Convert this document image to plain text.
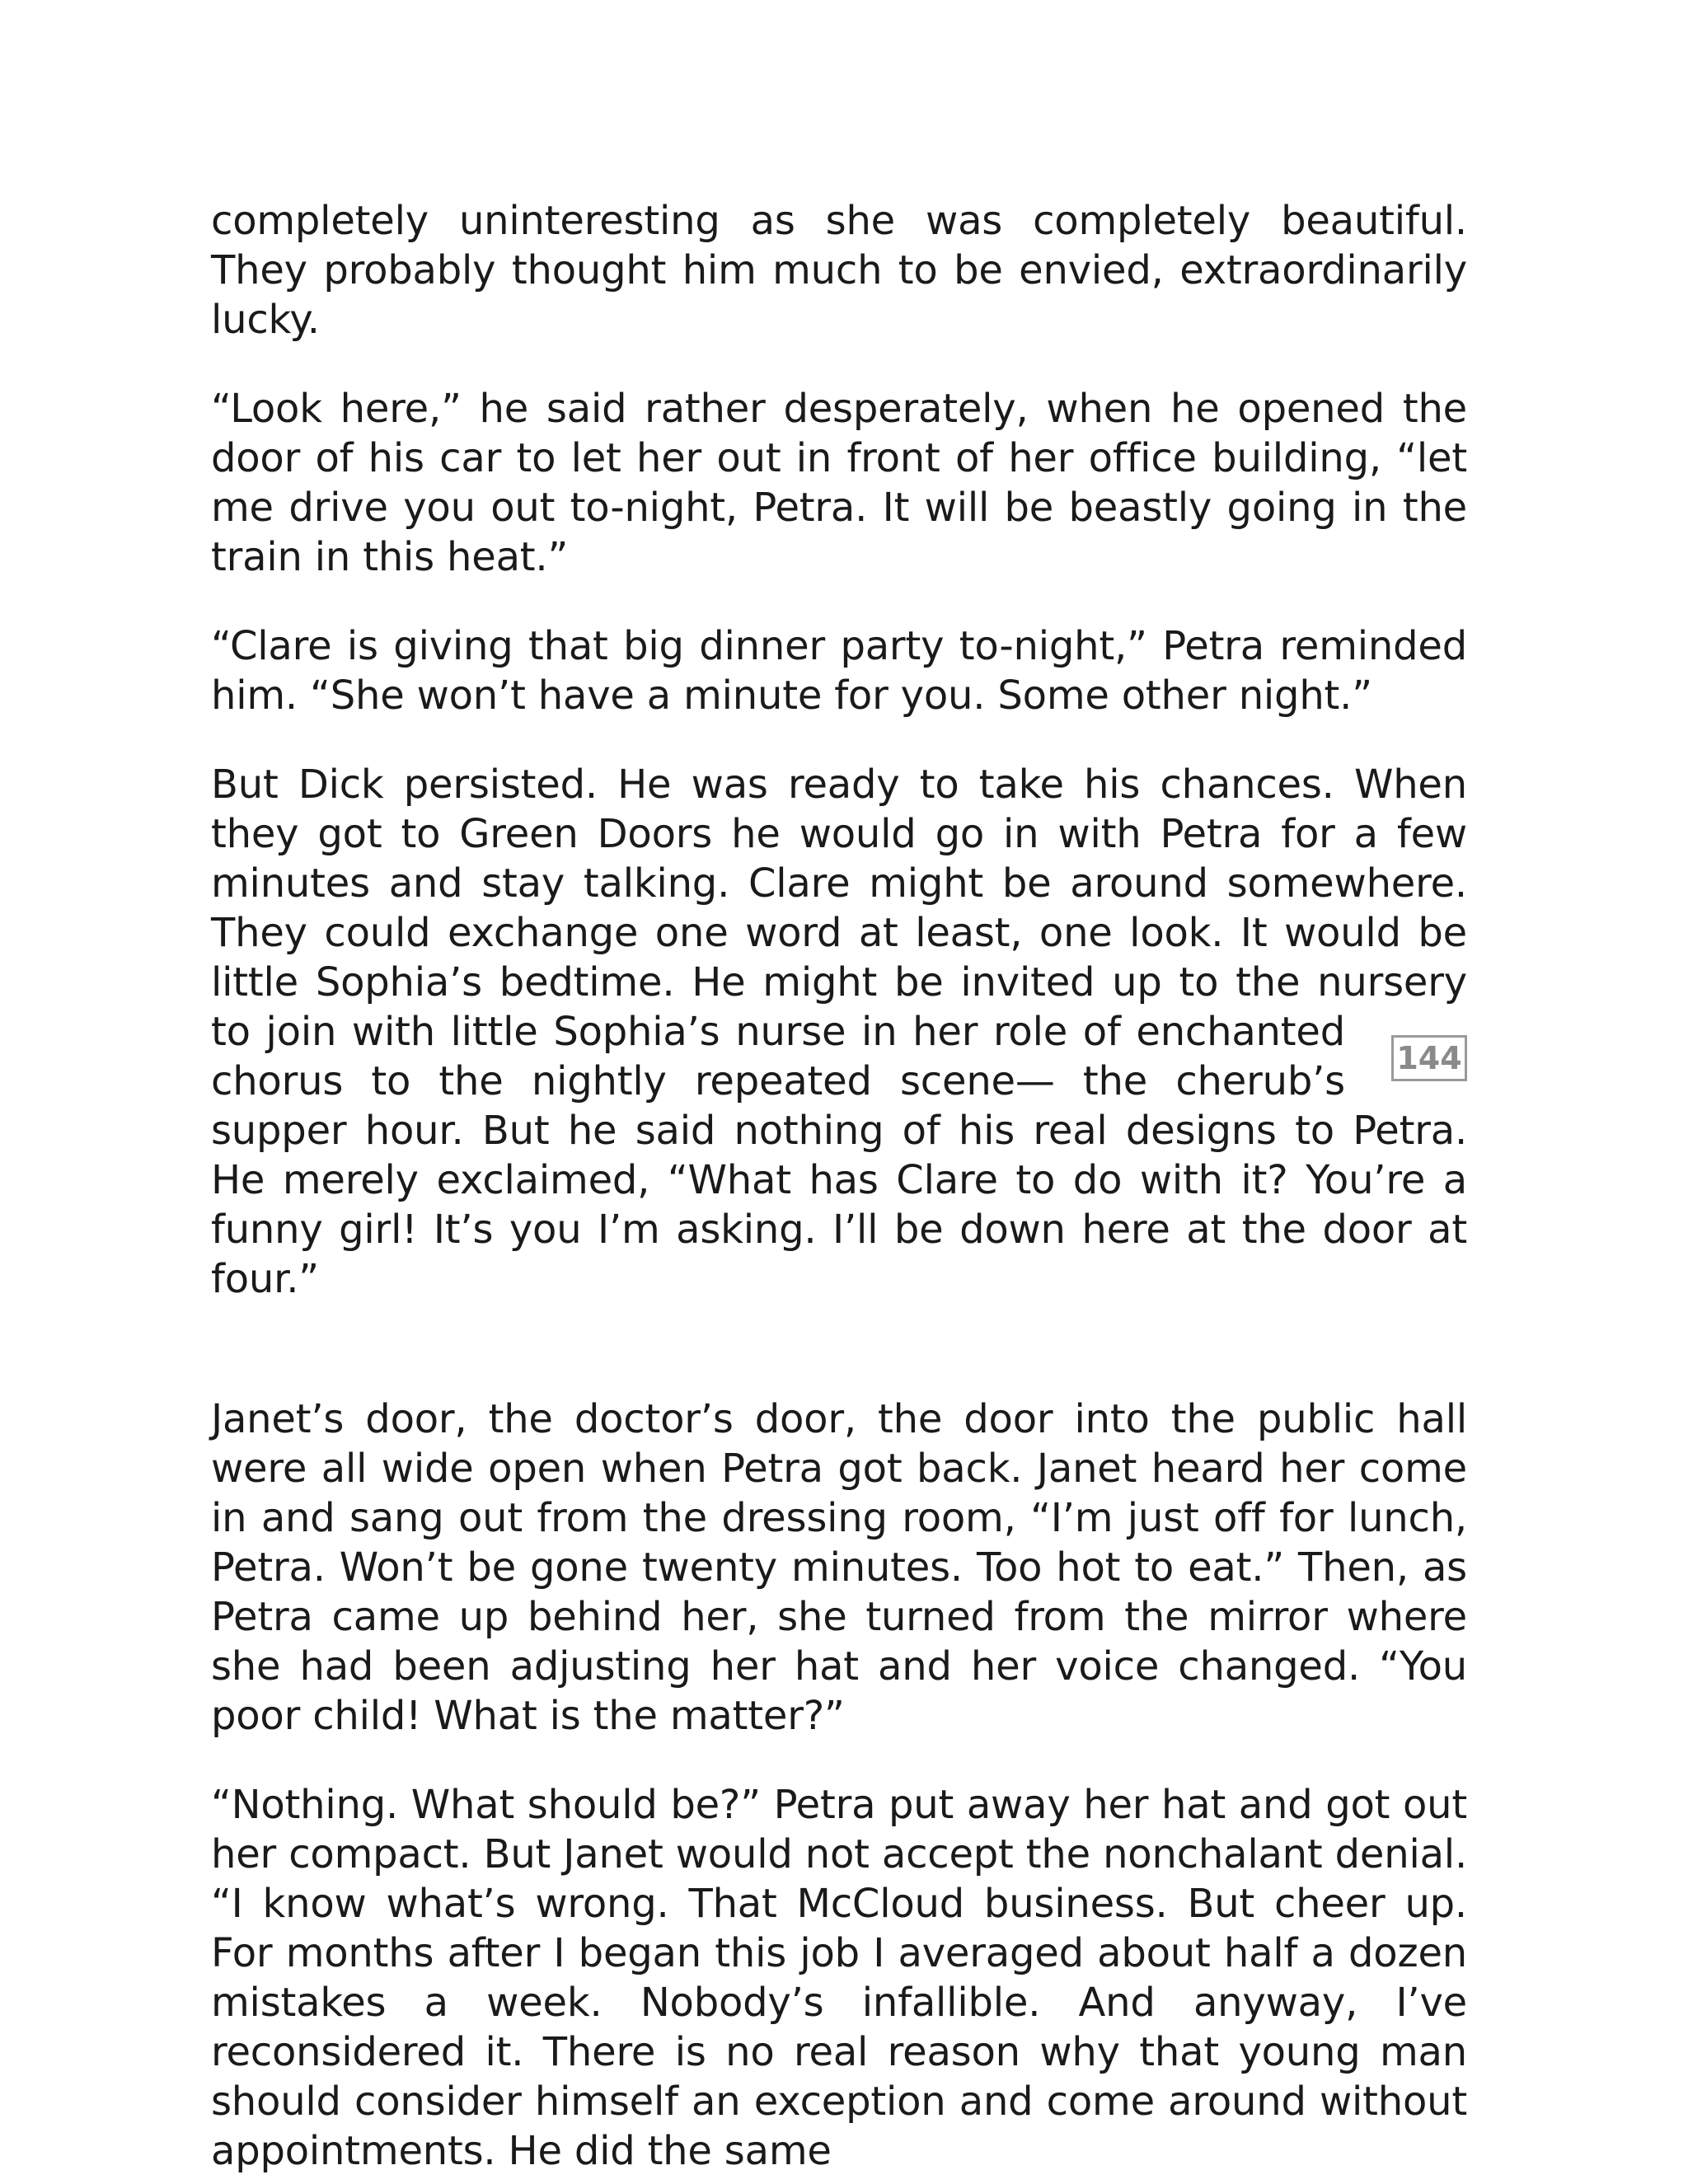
completely uninteresting as she was completely beautiful. They probably thought him much to be envied, extraordinarily lucky.

“Look here,” he said rather desperately, when he opened the door of his car to let her out in front of her office building, “let me drive you out to-night, Petra. It will be beastly going in the train in this heat.”

“Clare is giving that big dinner party to-night,” Petra reminded him. “She won’t have a minute for you. Some other night.”

144
But Dick persisted. He was ready to take his chances. When they got to Green Doors he would go in with Petra for a few minutes and stay talking. Clare might be around somewhere. They could exchange one word at least, one look. It would be little Sophia’s bedtime. He might be invited up to the nursery to join with little Sophia’s nurse in her role of enchanted chorus to the nightly repeated scene— the cherub’s supper hour. But he said nothing of his real designs to Petra. He merely exclaimed, “What has Clare to do with it? You’re a funny girl! It’s you I’m asking. I’ll be down here at the door at four.”

Janet’s door, the doctor’s door, the door into the public hall were all wide open when Petra got back. Janet heard her come in and sang out from the dressing room, “I’m just off for lunch, Petra. Won’t be gone twenty minutes. Too hot to eat.” Then, as Petra came up behind her, she turned from the mirror where she had been adjusting her hat and her voice changed. “You poor child! What is the matter?”

“Nothing. What should be?” Petra put away her hat and got out her compact. But Janet would not accept the nonchalant denial. “I know what’s wrong. That McCloud business. But cheer up. For months after I began this job I averaged about half a dozen mistakes a week. Nobody’s infallible. And anyway, I’ve reconsidered it. There is no real reason why that young man should consider himself an exception and come around without appointments. He did the same
